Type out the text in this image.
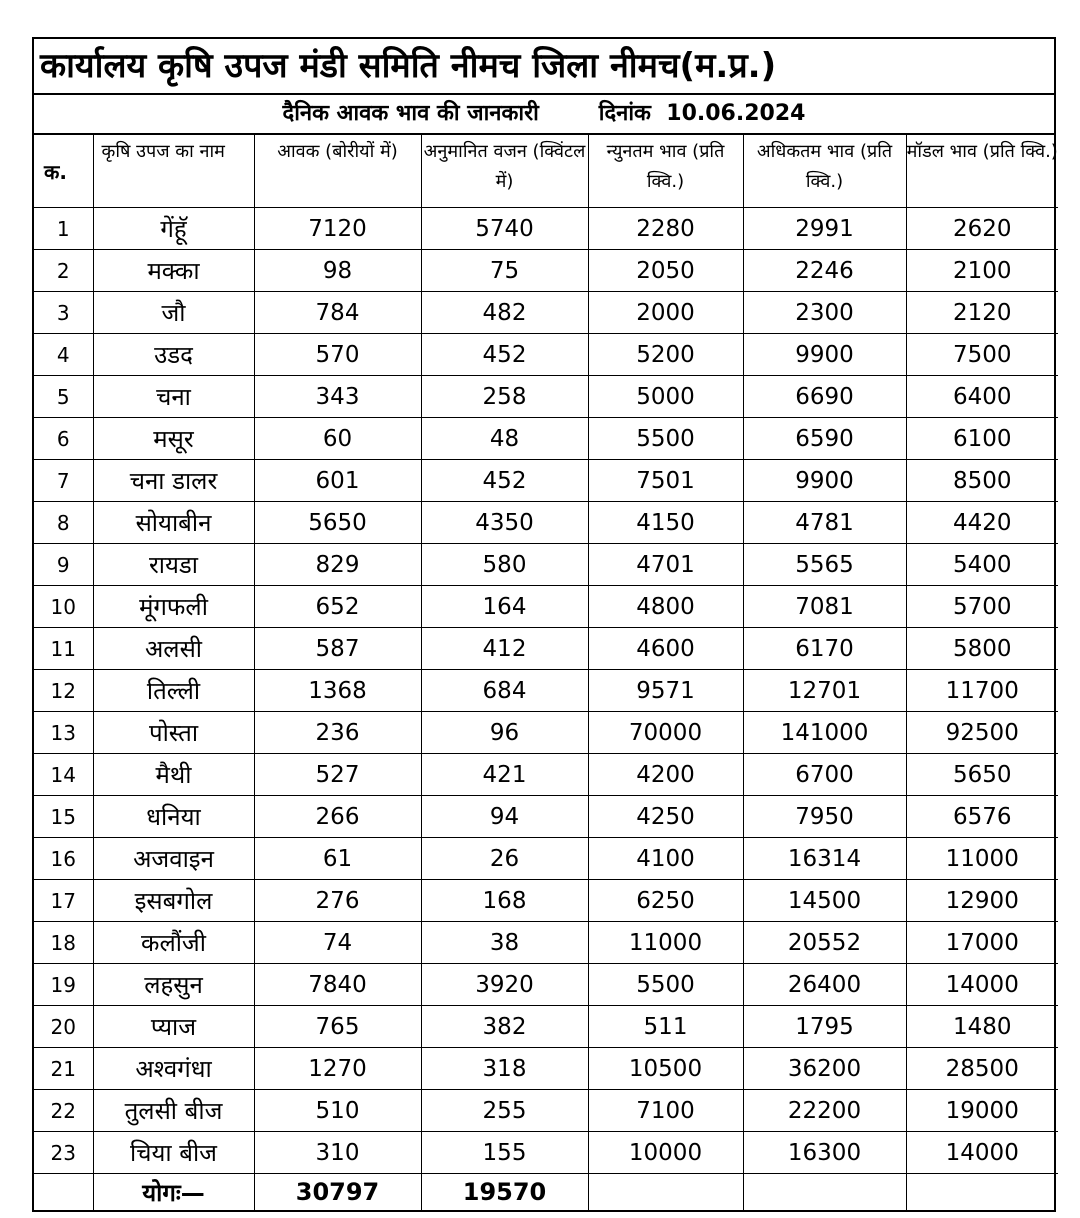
कार्यालय कृषि उपज मंडी समिति नीमच जिला नीमच(म.प्र.)
दैनिक आवक भाव की जानकारी	दिनांक 10.06.2024
क.	कृषि उपज का नाम	आवक (बोरीयों में)	अनुमानित वजन (क्विंटल में)	न्युनतम भाव (प्रति क्वि.)	अधिकतम भाव (प्रति क्वि.)	मॉडल भाव (प्रति क्वि.)
1	गेंहूॅ	7120	5740	2280	2991	2620
2	मक्का	98	75	2050	2246	2100
3	जौ	784	482	2000	2300	2120
4	उडद	570	452	5200	9900	7500
5	चना	343	258	5000	6690	6400
6	मसूर	60	48	5500	6590	6100
7	चना डालर	601	452	7501	9900	8500
8	सोयाबीन	5650	4350	4150	4781	4420
9	रायडा	829	580	4701	5565	5400
10	मूंगफली	652	164	4800	7081	5700
11	अलसी	587	412	4600	6170	5800
12	तिल्ली	1368	684	9571	12701	11700
13	पोस्ता	236	96	70000	141000	92500
14	मैथी	527	421	4200	6700	5650
15	धनिया	266	94	4250	7950	6576
16	अजवाइन	61	26	4100	16314	11000
17	इसबगोल	276	168	6250	14500	12900
18	कलौंजी	74	38	11000	20552	17000
19	लहसुन	7840	3920	5500	26400	14000
20	प्याज	765	382	511	1795	1480
21	अश्वगंधा	1270	318	10500	36200	28500
22	तुलसी बीज	510	255	7100	22200	19000
23	चिया बीज	310	155	10000	16300	14000
	योगः—	30797	19570			
